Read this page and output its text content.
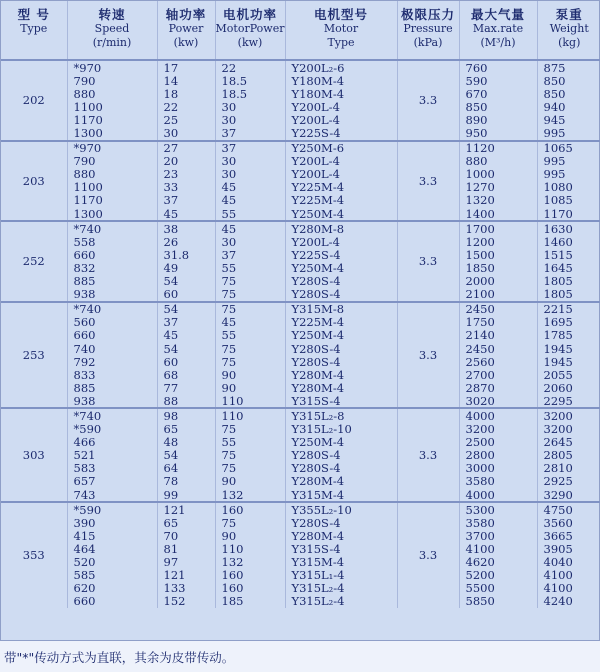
型 号
Type	转速
Speed
(r/min)	轴功率
Power
(kw)	电机功率
MotorPower
(kw)	电机型号
Motor
Type	极限压力
Pressure
(kPa)	最大气量
Max.rate
(M³/h)	泵重
Weight
(kg)

202	*970	17	22	Y200L₂-6	3.3	760	875
	790	14	18.5	Y180M-4		590	850
	880	18	18.5	Y180M-4		670	850
	1100	22	30	Y200L-4		850	940
	1170	25	30	Y200L-4		890	945
	1300	30	37	Y225S-4		950	995
203	*970	27	37	Y250M-6	3.3	1120	1065
	790	20	30	Y200L-4		880	995
	880	23	30	Y200L-4		1000	995
	1100	33	45	Y225M-4		1270	1080
	1170	37	45	Y225M-4		1320	1085
	1300	45	55	Y250M-4		1400	1170
252	*740	38	45	Y280M-8	3.3	1700	1630
	558	26	30	Y200L-4		1200	1460
	660	31.8	37	Y225S-4		1500	1515
	832	49	55	Y250M-4		1850	1645
	885	54	75	Y280S-4		2000	1805
	938	60	75	Y280S-4		2100	1805
253	*740	54	75	Y315M-8	3.3	2450	2215
	560	37	45	Y225M-4		1750	1695
	660	45	55	Y250M-4		2140	1785
	740	54	75	Y280S-4		2450	1945
	792	60	75	Y280S-4		2560	1945
	833	68	90	Y280M-4		2700	2055
	885	77	90	Y280M-4		2870	2060
	938	88	110	Y315S-4		3020	2295
303	*740	98	110	Y315L₂-8	3.3	4000	3200
	*590	65	75	Y315L₂-10		3200	3200
	466	48	55	Y250M-4		2500	2645
	521	54	75	Y280S-4		2800	2805
	583	64	75	Y280S-4		3000	2810
	657	78	90	Y280M-4		3580	2925
	743	99	132	Y315M-4		4000	3290
353	*590	121	160	Y355L₂-10	3.3	5300	4750
	390	65	75	Y280S-4		3580	3560
	415	70	90	Y280M-4		3700	3665
	464	81	110	Y315S-4		4100	3905
	520	97	132	Y315M-4		4620	4040
	585	121	160	Y315L₁-4		5200	4100
	620	133	160	Y315L₂-4		5500	4100
	660	152	185	Y315L₂-4		5850	4240
带"*"传动方式为直联，其余为皮带传动。
